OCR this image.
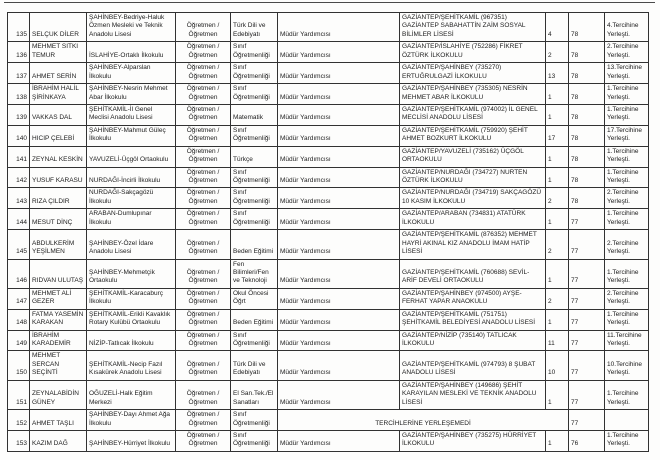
135	SELÇUK DİLER	ŞAHİNBEY-Bedriye-Haluk Özmen Mesleki ve Teknik Anadolu Lisesi	Öğretmen / Öğretmen	Türk Dili ve Edebiyatı	Müdür Yardımcısı	GAZİANTEP/ŞEHİTKAMİL (967351) GAZİANTEP SABAHATTİN ZAİM SOSYAL BİLİMLER LİSESİ	4	78	4.Tercihine Yerleşti.
136	MEHMET SITKI TEMUR	İSLAHİYE-Ortaklı İlkokulu	Öğretmen / Öğretmen	Sınıf Öğretmenliği	Müdür Yardımcısı	GAZİANTEP/İSLAHİYE (752286) FİKRET ÖZTÜRK İLKOKULU	2	78	2.Tercihine Yerleşti.
137	AHMET SERİN	ŞAHİNBEY-Alparslan İlkokulu	Öğretmen / Öğretmen	Sınıf Öğretmenliği	Müdür Yardımcısı	GAZİANTEP/ŞAHİNBEY (735270) ERTUĞRULGAZİ İLKOKULU	13	78	13.Tercihine Yerleşti.
138	İBRAHİM HALİL ŞİRİNKAYA	ŞAHİNBEY-Nesrin Mehmet Abar İlkokulu	Öğretmen / Öğretmen	Sınıf Öğretmenliği	Müdür Yardımcısı	GAZİANTEP/ŞAHİNBEY (735305) NESRİN MEHMET ABAR İLKOKULU	1	78	1.Tercihine Yerleşti.
139	VAKKAS DAL	ŞEHİTKAMİL-İl Genel Meclisi Anadolu Lisesi	Öğretmen / Öğretmen	Matematik	Müdür Yardımcısı	GAZİANTEP/ŞEHİTKAMİL (974002) İL GENEL MECLİSİ ANADOLU LİSESİ	1	78	1.Tercihine Yerleşti.
140	HICIP ÇELEBİ	ŞAHİNBEY-Mahmut Güleç İlkokulu	Öğretmen / Öğretmen	Sınıf Öğretmenliği	Müdür Yardımcısı	GAZİANTEP/ŞEHİTKAMİL (759920) ŞEHİT AHMET BOZKURT İLKOKULU	17	78	17.Tercihine Yerleşti.
141	ZEYNAL KESKİN	YAVUZELİ-Üçgöl Ortaokulu	Öğretmen / Öğretmen	Türkçe	Müdür Yardımcısı	GAZİANTEP/YAVUZELİ (735162) ÜÇGÖL ORTAOKULU	1	78	1.Tercihine Yerleşti.
142	YUSUF KARASU	NURDAĞI-İncirli İlkokulu	Öğretmen / Öğretmen	Sınıf Öğretmenliği	Müdür Yardımcısı	GAZİANTEP/NURDAĞI (734727) NURTEN ÖZTÜRK İLKOKULU	1	78	1.Tercihine Yerleşti.
143	RIZA ÇILDIR	NURDAĞI-Sakçagözü İlkokulu	Öğretmen / Öğretmen	Sınıf Öğretmenliği	Müdür Yardımcısı	GAZİANTEP/NURDAĞI (734719) SAKÇAGÖZÜ 10 KASIM İLKOKULU	2	78	2.Tercihine Yerleşti.
144	MESUT DİNÇ	ARABAN-Dumlupınar İlkokulu	Öğretmen / Öğretmen	Sınıf Öğretmenliği	Müdür Yardımcısı	GAZİANTEP/ARABAN (734831) ATATÜRK İLKOKULU	1	77	1.Tercihine Yerleşti.
145	ABDULKERİM YEŞİLMEN	ŞAHİNBEY-Özel İdare Anadolu Lisesi	Öğretmen / Öğretmen	Beden Eğitimi	Müdür Yardımcısı	GAZİANTEP/ŞEHİTKAMİL (876352) MEHMET HAYRİ AKINAL KIZ ANADOLU İMAM HATİP LİSESİ	2	77	2.Tercihine Yerleşti.
146	RIDVAN ULUTAŞ	ŞAHİNBEY-Mehmetçik Ortaokulu	Öğretmen / Öğretmen	Fen Bilimleri/Fen ve Teknoloji	Müdür Yardımcısı	GAZİANTEP/ŞEHİTKAMİL (760688) SEVİL-ARİF DEVELİ ORTAOKULU	1	77	1.Tercihine Yerleşti.
147	MEHMET ALİ GEZER	ŞEHİTKAMİL-Karacaburç İlkokulu	Öğretmen / Öğretmen	Okul Öncesi Öğrt	Müdür Yardımcısı	GAZİANTEP/ŞAHİNBEY (974500) AYŞE-FERHAT YAPAR ANAOKULU	2	77	2.Tercihine Yerleşti.
148	FATMA YASEMİN KARAKAN	ŞEHİTKAMİL-Erikli Kavaklık Rotary Kulübü Ortaokulu	Öğretmen / Öğretmen	Beden Eğitimi	Müdür Yardımcısı	GAZİANTEP/ŞEHİTKAMİL (751751) ŞEHİTKAMİL BELEDİYESİ ANADOLU LİSESİ	1	77	1.Tercihine Yerleşti.
149	İBRAHİM KARADEMİR	NİZİP-Tatlıcak İlkokulu	Öğretmen / Öğretmen	Sınıf Öğretmenliği	Müdür Yardımcısı	GAZİANTEP/NİZİP (735140) TATLICAK İLKOKULU	11	77	11.Tercihine Yerleşti.
150	MEHMET SERCAN SEÇİNTİ	ŞEHİTKAMİL-Necip Fazıl Kısakürek Anadolu Lisesi	Öğretmen / Öğretmen	Türk Dili ve Edebiyatı	Müdür Yardımcısı	GAZİANTEP/ŞEHİTKAMİL (974793) 8 ŞUBAT ANADOLU LİSESİ	10	77	10.Tercihine Yerleşti.
151	ZEYNALABİDİN GÜNEY	OĞUZELİ-Halk Eğitim Merkezi	Öğretmen / Öğretmen	El San.Tek./El Sanatları	Müdür Yardımcısı	GAZİANTEP/ŞAHİNBEY (149686) ŞEHİT KARAYILAN MESLEKİ VE TEKNİK ANADOLU LİSESİ	1	77	1.Tercihine Yerleşti.
152	AHMET TAŞLI	ŞAHİNBEY-Dayı Ahmet Ağa İlkokulu	Öğretmen / Öğretmen	Sınıf Öğretmenliği	TERCİHLERİNE YERLEŞEMEDİ			77	
153	KAZIM DAĞ	ŞAHİNBEY-Hürriyet İlkokulu	Öğretmen / Öğretmen	Sınıf Öğretmenliği	Müdür Yardımcısı	GAZİANTEP/ŞAHİNBEY (735275) HÜRRİYET İLKOKULU	1	76	1.Tercihine Yerleşti.
